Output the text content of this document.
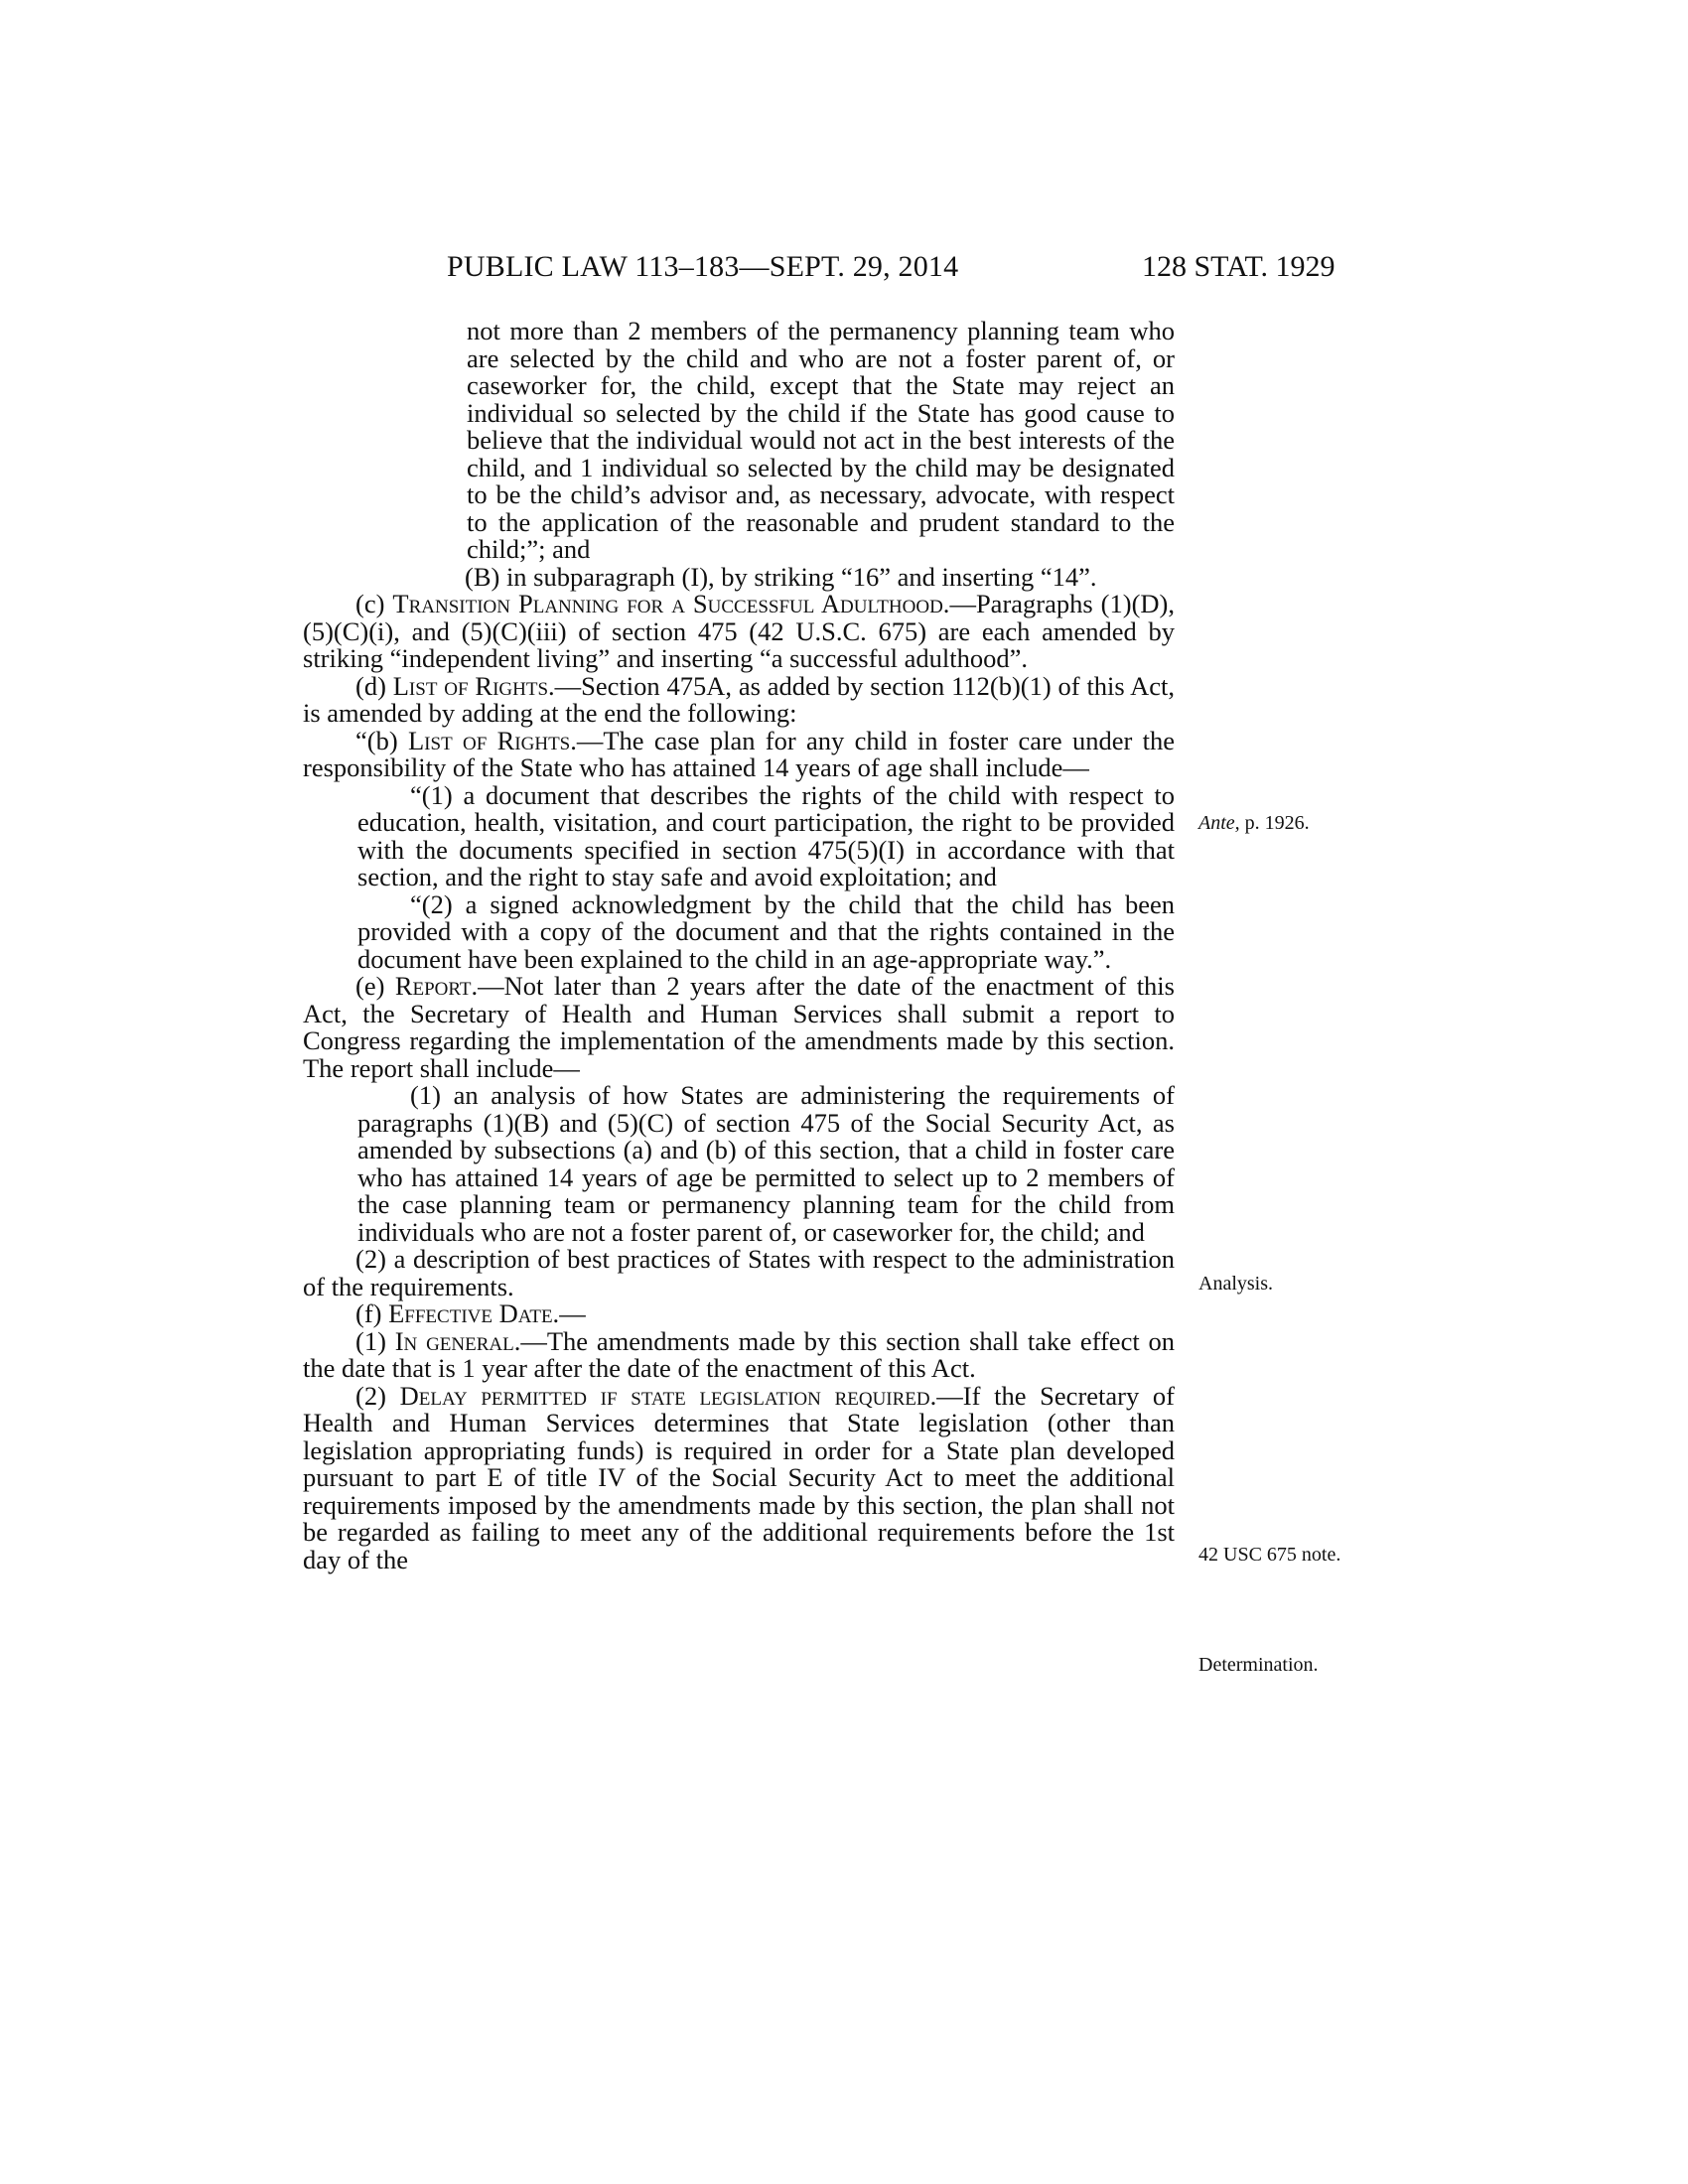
PUBLIC LAW 113–183—SEPT. 29, 2014	128 STAT. 1929

not more than 2 members of the permanency planning team who are selected by the child and who are not a foster parent of, or caseworker for, the child, except that the State may reject an individual so selected by the child if the State has good cause to believe that the individual would not act in the best interests of the child, and 1 individual so selected by the child may be designated to be the child’s advisor and, as necessary, advocate, with respect to the application of the reasonable and prudent standard to the child;”; and

(B) in subparagraph (I), by striking “16” and inserting “14”.

(c) Transition Planning for a Successful Adulthood.—Paragraphs (1)(D), (5)(C)(i), and (5)(C)(iii) of section 475 (42 U.S.C. 675) are each amended by striking “independent living” and inserting “a successful adulthood”.

(d) List of Rights.—Section 475A, as added by section 112(b)(1) of this Act, is amended by adding at the end the following:

“(b) List of Rights.—The case plan for any child in foster care under the responsibility of the State who has attained 14 years of age shall include—

“(1) a document that describes the rights of the child with respect to education, health, visitation, and court participation, the right to be provided with the documents specified in section 475(5)(I) in accordance with that section, and the right to stay safe and avoid exploitation; and

“(2) a signed acknowledgment by the child that the child has been provided with a copy of the document and that the rights contained in the document have been explained to the child in an age-appropriate way.”.

(e) Report.—Not later than 2 years after the date of the enactment of this Act, the Secretary of Health and Human Services shall submit a report to Congress regarding the implementation of the amendments made by this section. The report shall include—

(1) an analysis of how States are administering the requirements of paragraphs (1)(B) and (5)(C) of section 475 of the Social Security Act, as amended by subsections (a) and (b) of this section, that a child in foster care who has attained 14 years of age be permitted to select up to 2 members of the case planning team or permanency planning team for the child from individuals who are not a foster parent of, or caseworker for, the child; and

(2) a description of best practices of States with respect to the administration of the requirements.

(f) Effective Date.—

(1) In general.—The amendments made by this section shall take effect on the date that is 1 year after the date of the enactment of this Act.

(2) Delay permitted if state legislation required.—If the Secretary of Health and Human Services determines that State legislation (other than legislation appropriating funds) is required in order for a State plan developed pursuant to part E of title IV of the Social Security Act to meet the additional requirements imposed by the amendments made by this section, the plan shall not be regarded as failing to meet any of the additional requirements before the 1st day of the

Ante, p. 1926.
Analysis.
42 USC 675 note.
Determination.
